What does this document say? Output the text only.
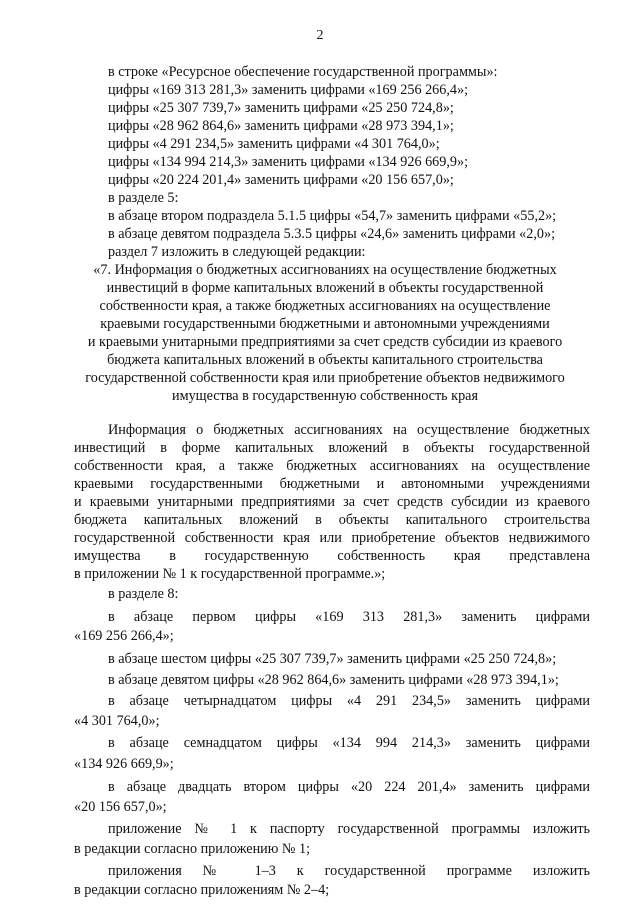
2
в строке «Ресурсное обеспечение государственной программы»:
цифры «169 313 281,3» заменить цифрами «169 256 266,4»;
цифры «25 307 739,7» заменить цифрами «25 250 724,8»;
цифры «28 962 864,6» заменить цифрами «28 973 394,1»;
цифры «4 291 234,5» заменить цифрами «4 301 764,0»;
цифры «134 994 214,3» заменить цифрами «134 926 669,9»;
цифры «20 224 201,4» заменить цифрами «20 156 657,0»;
в разделе 5:
в абзаце втором подраздела 5.1.5 цифры «54,7» заменить цифрами «55,2»;
в абзаце девятом подраздела 5.3.5 цифры «24,6» заменить цифрами «2,0»;
раздел 7 изложить в следующей редакции:
«7. Информация о бюджетных ассигнованиях на осуществление бюджетных
инвестиций в форме капитальных вложений в объекты государственной
собственности края, а также бюджетных ассигнованиях на осуществление
краевыми государственными бюджетными и автономными учреждениями
и краевыми унитарными предприятиями за счет средств субсидии из краевого
бюджета капитальных вложений в объекты капитального строительства
государственной собственности края или приобретение объектов недвижимого
имущества в государственную собственность края
Информация о бюджетных ассигнованиях на осуществление бюджетных
инвестиций в форме капитальных вложений в объекты государственной
собственности края, а также бюджетных ассигнованиях на осуществление
краевыми государственными бюджетными и автономными учреждениями
и краевыми унитарными предприятиями за счет средств субсидии из краевого
бюджета капитальных вложений в объекты капитального строительства
государственной собственности края или приобретение объектов недвижимого
имущества в государственную собственность края представлена
в приложении № 1 к государственной программе.»;
в разделе 8:
в абзаце первом цифры «169 313 281,3» заменить цифрами
«169 256 266,4»;
в абзаце шестом цифры «25 307 739,7» заменить цифрами «25 250 724,8»;
в абзаце девятом цифры «28 962 864,6» заменить цифрами «28 973 394,1»;
в абзаце четырнадцатом цифры «4 291 234,5» заменить цифрами
«4 301 764,0»;
в абзаце семнадцатом цифры «134 994 214,3» заменить цифрами
«134 926 669,9»;
в абзаце двадцать втором цифры «20 224 201,4» заменить цифрами
«20 156 657,0»;
приложение № 1 к паспорту государственной программы изложить
в редакции согласно приложению № 1;
приложения № 1–3 к государственной программе изложить
в редакции согласно приложениям № 2–4;
